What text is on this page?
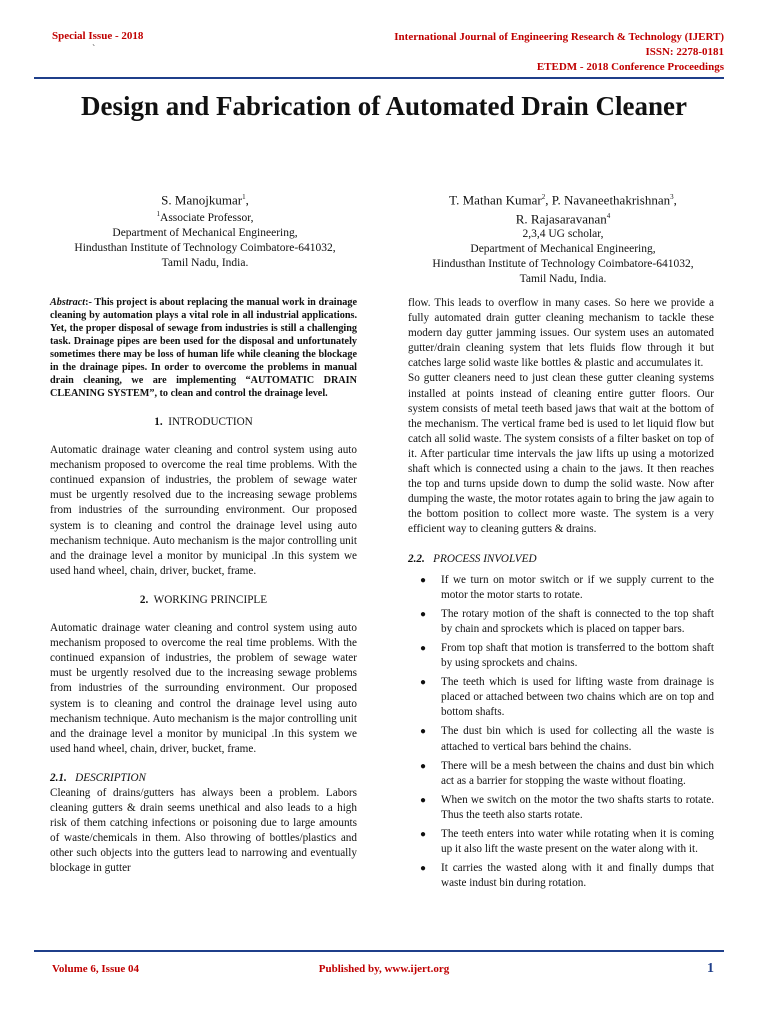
Special Issue - 2018
`
International Journal of Engineering Research & Technology (IJERT)
ISSN: 2278-0181
ETEDM - 2018 Conference Proceedings
Design and Fabrication of Automated Drain Cleaner
S. Manojkumar$^1$,
$^1$Associate Professor,
Department of Mechanical Engineering,
Hindusthan Institute of Technology Coimbatore-641032,
Tamil Nadu, India.
T. Mathan Kumar$^2$, P. Navaneethakrishnan$^3$,
R. Rajasaravanan$^4$
2,3,4 UG scholar,
Department of Mechanical Engineering,
Hindusthan Institute of Technology Coimbatore-641032,
Tamil Nadu, India.
Abstract:- This project is about replacing the manual work in drainage cleaning by automation plays a vital role in all industrial applications. Yet, the proper disposal of sewage from industries is still a challenging task. Drainage pipes are been used for the disposal and unfortunately sometimes there may be loss of human life while cleaning the blockage in the drainage pipes. In order to overcome the problems in manual drain cleaning, we are implementing “AUTOMATIC DRAIN CLEANING SYSTEM”, to clean and control the drainage level.
1. INTRODUCTION

Automatic drainage water cleaning and control system using auto mechanism proposed to overcome the real time problems. With the continued expansion of industries, the problem of sewage water must be urgently resolved due to the increasing sewage problems from industries of the surrounding environment. Our proposed system is to cleaning and control the drainage level using auto mechanism technique. Auto mechanism is the major controlling unit and the drainage level a monitor by municipal .In this system we used hand wheel, chain, driver, bucket, frame.

2. WORKING PRINCIPLE

Automatic drainage water cleaning and control system using auto mechanism proposed to overcome the real time problems. With the continued expansion of industries, the problem of sewage water must be urgently resolved due to the increasing sewage problems from industries of the surrounding environment. Our proposed system is to cleaning and control the drainage level using auto mechanism technique. Auto mechanism is the major controlling unit and the drainage level a monitor by municipal .In this system we used hand wheel, chain, driver, bucket, frame.

2.1. DESCRIPTION

Cleaning of drains/gutters has always been a problem. Labors cleaning gutters & drain seems unethical and also leads to a high risk of them catching infections or poisoning due to large amounts of waste/chemicals in them. Also throwing of bottles/plastics and other such objects into the gutters lead to narrowing and eventually blockage in gutter

flow. This leads to overflow in many cases. So here we provide a fully automated drain gutter cleaning mechanism to tackle these modern day gutter jamming issues. Our system uses an automated gutter/drain cleaning system that lets fluids flow through it but catches large solid waste like bottles & plastic and accumulates it.

So gutter cleaners need to just clean these gutter cleaning systems installed at points instead of cleaning entire gutter floors. Our system consists of metal teeth based jaws that wait at the bottom of the mechanism. The vertical frame bed is used to let liquid flow but catch all solid waste. The system consists of a filter basket on top of it. After particular time intervals the jaw lifts up using a motorized shaft which is connected using a chain to the jaws. It then reaches the top and turns upside down to dump the solid waste. Now after dumping the waste, the motor rotates again to bring the jaw again to the bottom position to collect more waste. The system is a very efficient way to cleaning gutters & drains.

2.2. PROCESS INVOLVED
● If we turn on motor switch or if we supply current to the motor the motor starts to rotate.
● The rotary motion of the shaft is connected to the top shaft by chain and sprockets which is placed on tapper bars.
● From top shaft that motion is transferred to the bottom shaft by using sprockets and chains.
● The teeth which is used for lifting waste from drainage is placed or attached between two chains which are on top and bottom shafts.
● The dust bin which is used for collecting all the waste is attached to vertical bars behind the chains.
● There will be a mesh between the chains and dust bin which act as a barrier for stopping the waste without floating.
● When we switch on the motor the two shafts starts to rotate. Thus the teeth also starts rotate.
● The teeth enters into water while rotating when it is coming up it also lift the waste present on the water along with it.
● It carries the wasted along with it and finally dumps that waste indust bin during rotation.
Volume 6, Issue 04	Published by, www.ijert.org	1
